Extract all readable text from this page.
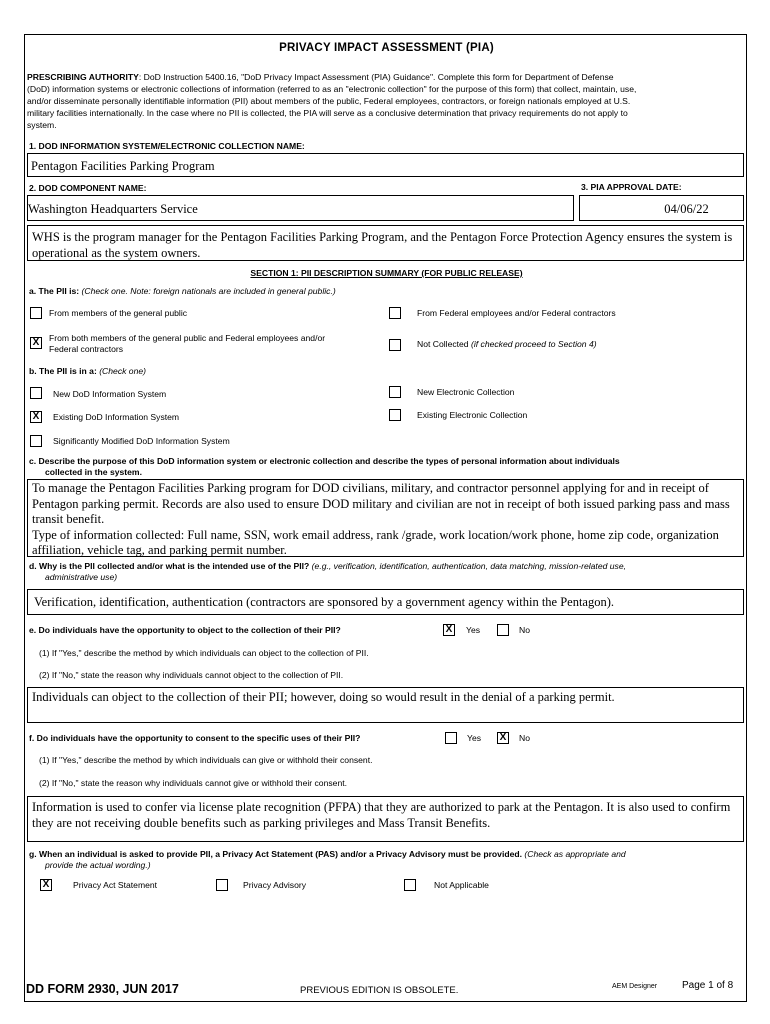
PRIVACY IMPACT ASSESSMENT (PIA)
PRESCRIBING AUTHORITY: DoD Instruction 5400.16, "DoD Privacy Impact Assessment (PIA) Guidance". Complete this form for Department of Defense
(DoD) information systems or electronic collections of information (referred to as an "electronic collection" for the purpose of this form) that collect, maintain, use,
and/or disseminate personally identifiable information (PII) about members of the public, Federal employees, contractors, or foreign nationals employed at U.S.
military facilities internationally. In the case where no PII is collected, the PIA will serve as a conclusive determination that privacy requirements do not apply to
system.
1. DOD INFORMATION SYSTEM/ELECTRONIC COLLECTION NAME:
Pentagon Facilities Parking Program
2. DOD COMPONENT NAME:	3. PIA APPROVAL DATE:
Washington Headquarters Service	04/06/22
WHS is the program manager for the Pentagon Facilities Parking Program, and the Pentagon Force Protection Agency ensures the system is
operational as the system owners.
SECTION 1: PII DESCRIPTION SUMMARY (FOR PUBLIC RELEASE)
a. The PII is: (Check one. Note: foreign nationals are included in general public.)
From members of the general public	From Federal employees and/or Federal contractors
X	From both members of the general public and Federal employees and/or
Federal contractors	Not Collected (if checked proceed to Section 4)
b. The PII is in a: (Check one)
New DoD Information System	New Electronic Collection
X	Existing DoD Information System	Existing Electronic Collection
Significantly Modified DoD Information System
c. Describe the purpose of this DoD information system or electronic collection and describe the types of personal information about individuals
collected in the system.
To manage the Pentagon Facilities Parking program for DOD civilians, military, and contractor personnel applying for and in receipt of
Pentagon parking permit. Records are also used to ensure DOD military and civilian are not in receipt of both issued parking pass and mass
transit benefit.
Type of information collected: Full name, SSN, work email address, rank /grade, work location/work phone, home zip code, organization
affiliation, vehicle tag, and parking permit number.
d. Why is the PII collected and/or what is the intended use of the PII? (e.g., verification, identification, authentication, data matching, mission-related use,
administrative use)
Verification, identification, authentication (contractors are sponsored by a government agency within the Pentagon).
e. Do individuals have the opportunity to object to the collection of their PII?	X	Yes	No
(1) If "Yes," describe the method by which individuals can object to the collection of PII.
(2) If "No," state the reason why individuals cannot object to the collection of PII.
Individuals can object to the collection of their PII; however, doing so would result in the denial of a parking permit.
f. Do individuals have the opportunity to consent to the specific uses of their PII?	Yes X	No
(1) If "Yes," describe the method by which individuals can give or withhold their consent.
(2) If "No," state the reason why individuals cannot give or withhold their consent.
Information is used to confer via license plate recognition (PFPA) that they are authorized to park at the Pentagon. It is also used to confirm
they are not receiving double benefits such as parking privileges and Mass Transit Benefits.
g. When an individual is asked to provide PII, a Privacy Act Statement (PAS) and/or a Privacy Advisory must be provided. (Check as appropriate and
provide the actual wording.)
X	Privacy Act Statement	Privacy Advisory	Not Applicable
DD FORM 2930, JUN 2017	PREVIOUS EDITION IS OBSOLETE.	AEM Designer Page 1 of 8
